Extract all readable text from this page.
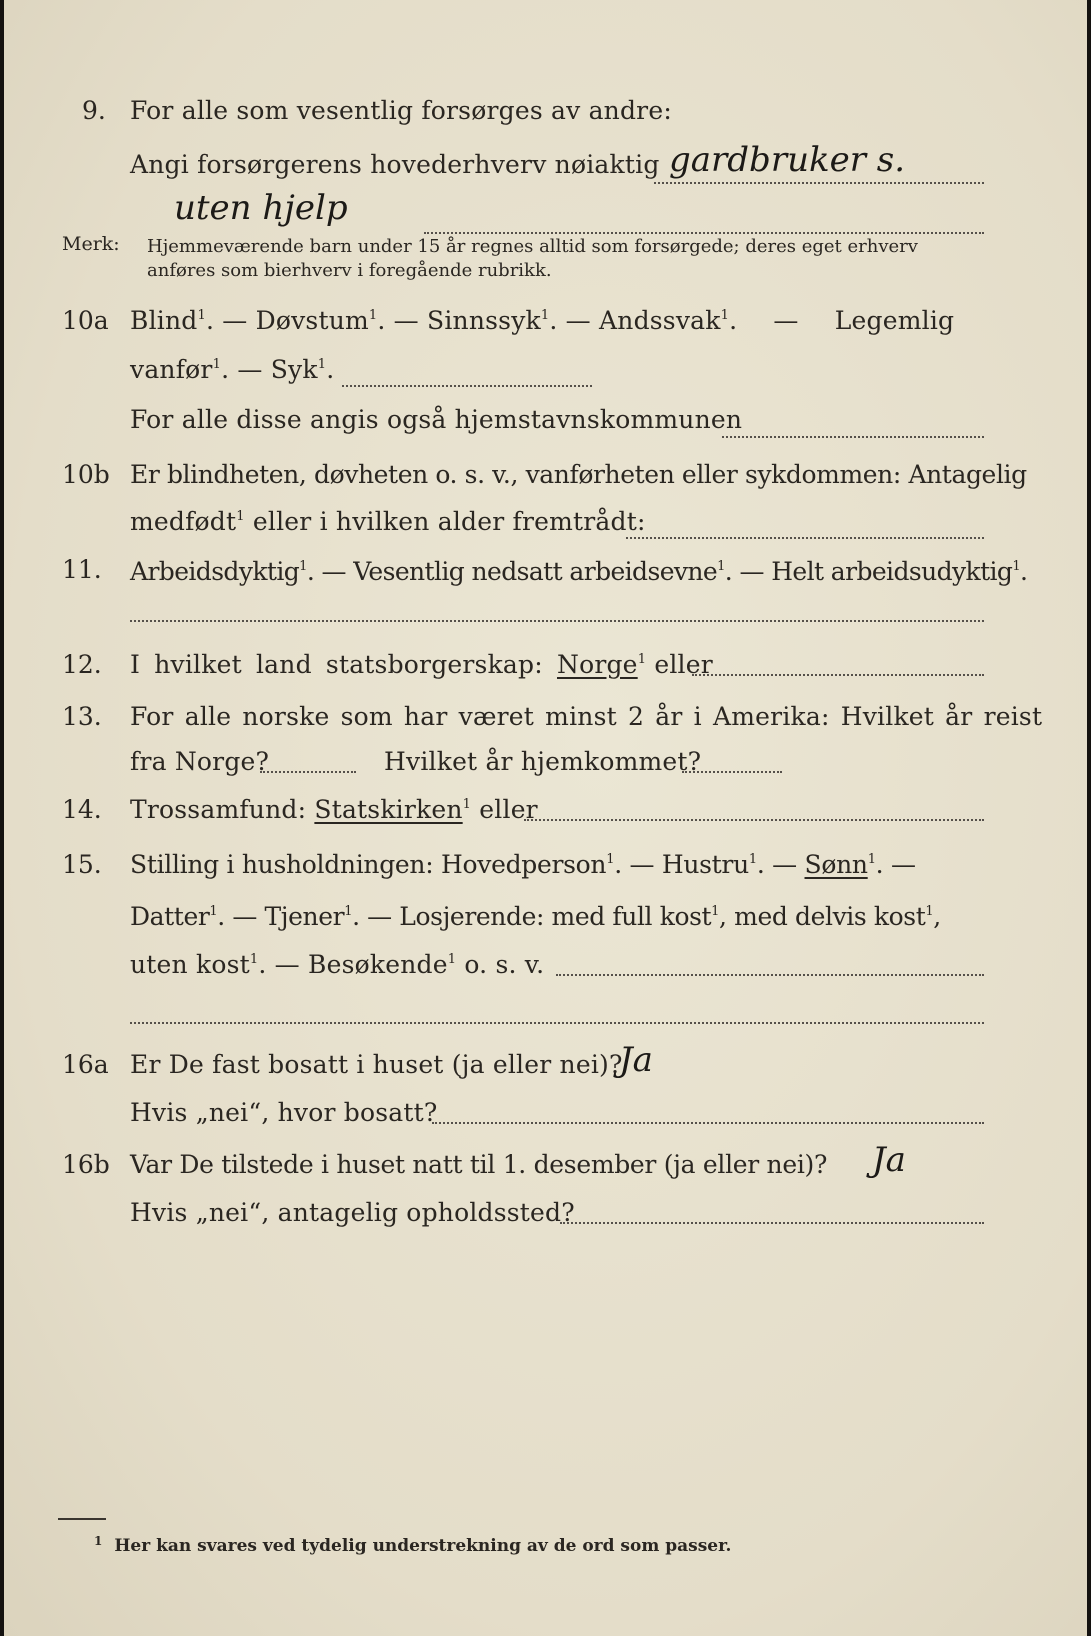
9. For alle som vesentlig forsørges av andre:
Angi forsørgerens hovederhverv nøiaktig gardbruker s.
uten hjelp
Merk: Hjemmeværende barn under 15 år regnes alltid som forsørgede; deres eget erhverv
anføres som bierhverv i foregående rubrikk.
10a Blind$^1$. — Døvstum$^1$. — Sinnssyk$^1$. — Andssvak$^1$. — Legemlig
vanfør$^1$. — Syk$^1$.
For alle disse angis også hjemstavnskommunen
10b Er blindheten, døvheten o. s. v., vanførheten eller sykdommen: Antagelig
medfødt$^1$ eller i hvilken alder fremtrådt:
11. Arbeidsdyktig$^1$. — Vesentlig nedsatt arbeidsevne$^1$. — Helt arbeidsudyktig$^1$.
12. I hvilket land statsborgerskap: Norge$^1$ eller
13. For alle norske som har været minst 2 år i Amerika: Hvilket år reist
fra Norge?	Hvilket år hjemkommet?
14. Trossamfund: Statskirken$^1$ eller
15. Stilling i husholdningen: Hovedperson$^1$. — Hustru$^1$. — Sønn$^1$. —
Datter$^1$. — Tjener$^1$. — Losjerende: med full kost$^1$, med delvis kost$^1$,
uten kost$^1$. — Besøkende$^1$ o. s. v.
16a Er De fast bosatt i huset (ja eller nei)?
Ja
Hvis „nei“, hvor bosatt?
16b Var De tilstede i huset natt til 1. desember (ja eller nei)? Ja
Hvis „nei“, antagelig opholdssted?
$^1$ Her kan svares ved tydelig understrekning av de ord som passer.
